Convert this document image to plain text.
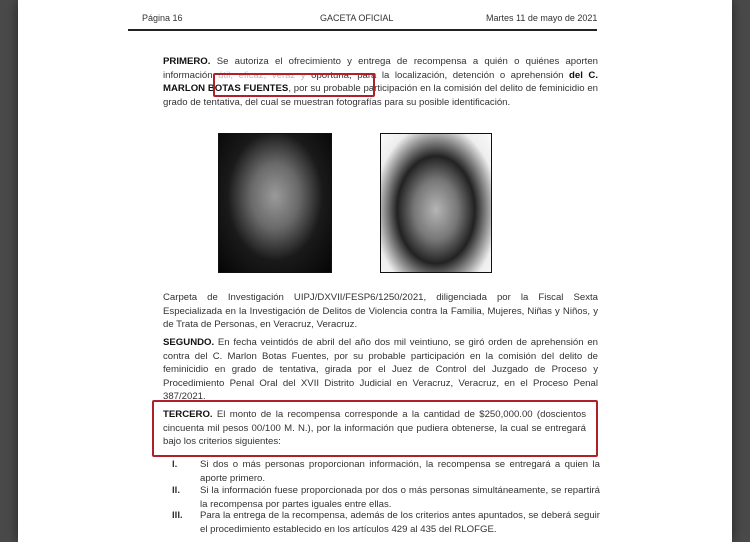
Página 16	GACETA OFICIAL	Martes 11 de mayo de 2021
PRIMERO. Se autoriza el ofrecimiento y entrega de recompensa a quién o quiénes aporten información útil, eficaz, veraz y oportuna, para la localización, detención o aprehensión del C. MARLON BOTAS FUENTES, por su probable participación en la comisión del delito de feminicidio en grado de tentativa, del cual se muestran fotografías para su posible identificación.
Carpeta de Investigación UIPJ/DXVII/FESP6/1250/2021, diligenciada por la Fiscal Sexta Especializada en la Investigación de Delitos de Violencia contra la Familia, Mujeres, Niñas y Niños, y de Trata de Personas, en Veracruz, Veracruz.
SEGUNDO. En fecha veintidós de abril del año dos mil veintiuno, se giró orden de aprehensión en contra del C. Marlon Botas Fuentes, por su probable participación en la comisión del delito de feminicidio en grado de tentativa, girada por el Juez de Control del Juzgado de Proceso y Procedimiento Penal Oral del XVII Distrito Judicial en Veracruz, Veracruz, en el Proceso Penal 387/2021.
TERCERO. El monto de la recompensa corresponde a la cantidad de $250,000.00 (doscientos cincuenta mil pesos 00/100 M. N.), por la información que pudiera obtenerse, la cual se entregará bajo los criterios siguientes:
I. Si dos o más personas proporcionan información, la recompensa se entregará a quien la aporte primero.
II. Si la información fuese proporcionada por dos o más personas simultáneamente, se repartirá la recompensa por partes iguales entre ellas.
III. Para la entrega de la recompensa, además de los criterios antes apuntados, se deberá seguir el procedimiento establecido en los artículos 429 al 435 del RLOFGE.
